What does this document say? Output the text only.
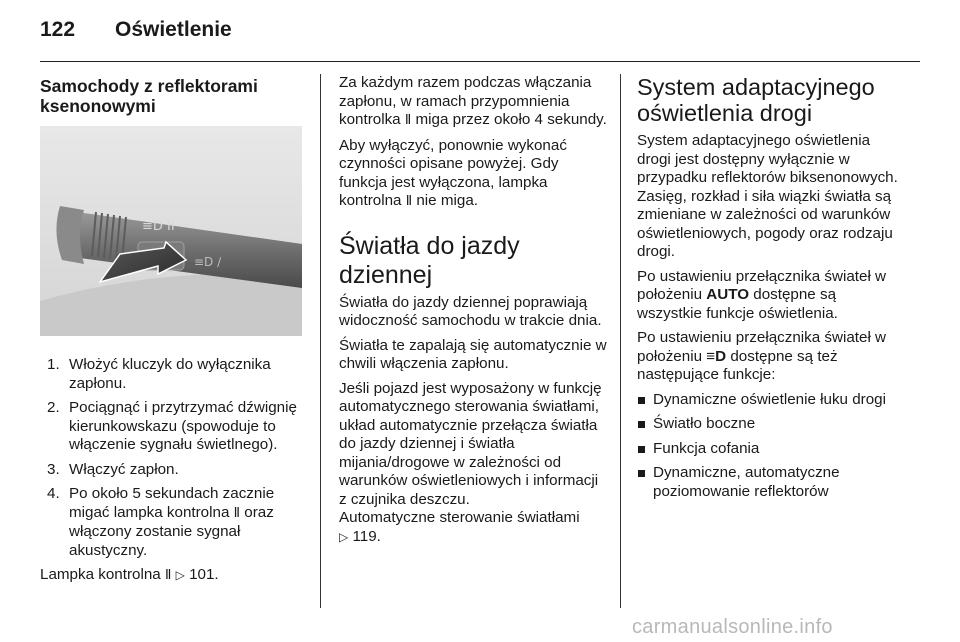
122 Oświetlenie
Samochody z reflektorami ksenonowymi
≡D ⅠⅠ
≡D ∕
1. Włożyć kluczyk do wyłącznika zapłonu.
2. Pociągnąć i przytrzymać dźwignię kierunkowskazu (spowoduje to włączenie sygnału świetlnego).
3. Włączyć zapłon.
4. Po około 5 sekundach zacznie migać lampka kontrolna Ⅱ oraz włączony zostanie sygnał akustyczny.

Lampka kontrolna Ⅱ ▷ 101.

Za każdym razem podczas włączania zapłonu, w ramach przypomnienia kontrolka Ⅱ miga przez około 4 sekundy.

Aby wyłączyć, ponownie wykonać czynności opisane powyżej. Gdy funkcja jest wyłączona, lampka kontrolna Ⅱ nie miga.

Światła do jazdy dziennej

Światła do jazdy dziennej poprawiają widoczność samochodu w trakcie dnia.

Światła te zapalają się automatycznie w chwili włączenia zapłonu.

Jeśli pojazd jest wyposażony w funkcję automatycznego sterowania światłami, układ automatycznie przełącza światła do jazdy dziennej i światła mijania/drogowe w zależności od warunków oświetleniowych i informacji z czujnika deszczu.

Automatyczne sterowanie światłami
▷ 119.

System adaptacyjnego oświetlenia drogi

System adaptacyjnego oświetlenia drogi jest dostępny wyłącznie w przypadku reflektorów biksenonowych. Zasięg, rozkład i siła wiązki światła są zmieniane w zależności od warunków oświetleniowych, pogody oraz rodzaju drogi.

Po ustawieniu przełącznika świateł w położeniu AUTO dostępne są wszystkie funkcje oświetlenia.

Po ustawieniu przełącznika świateł w położeniu ≡D dostępne są też następujące funkcje:

Dynamiczne oświetlenie łuku drogi
Światło boczne
Funkcja cofania
Dynamiczne, automatyczne poziomowanie reflektorów
carmanualsonline.info
